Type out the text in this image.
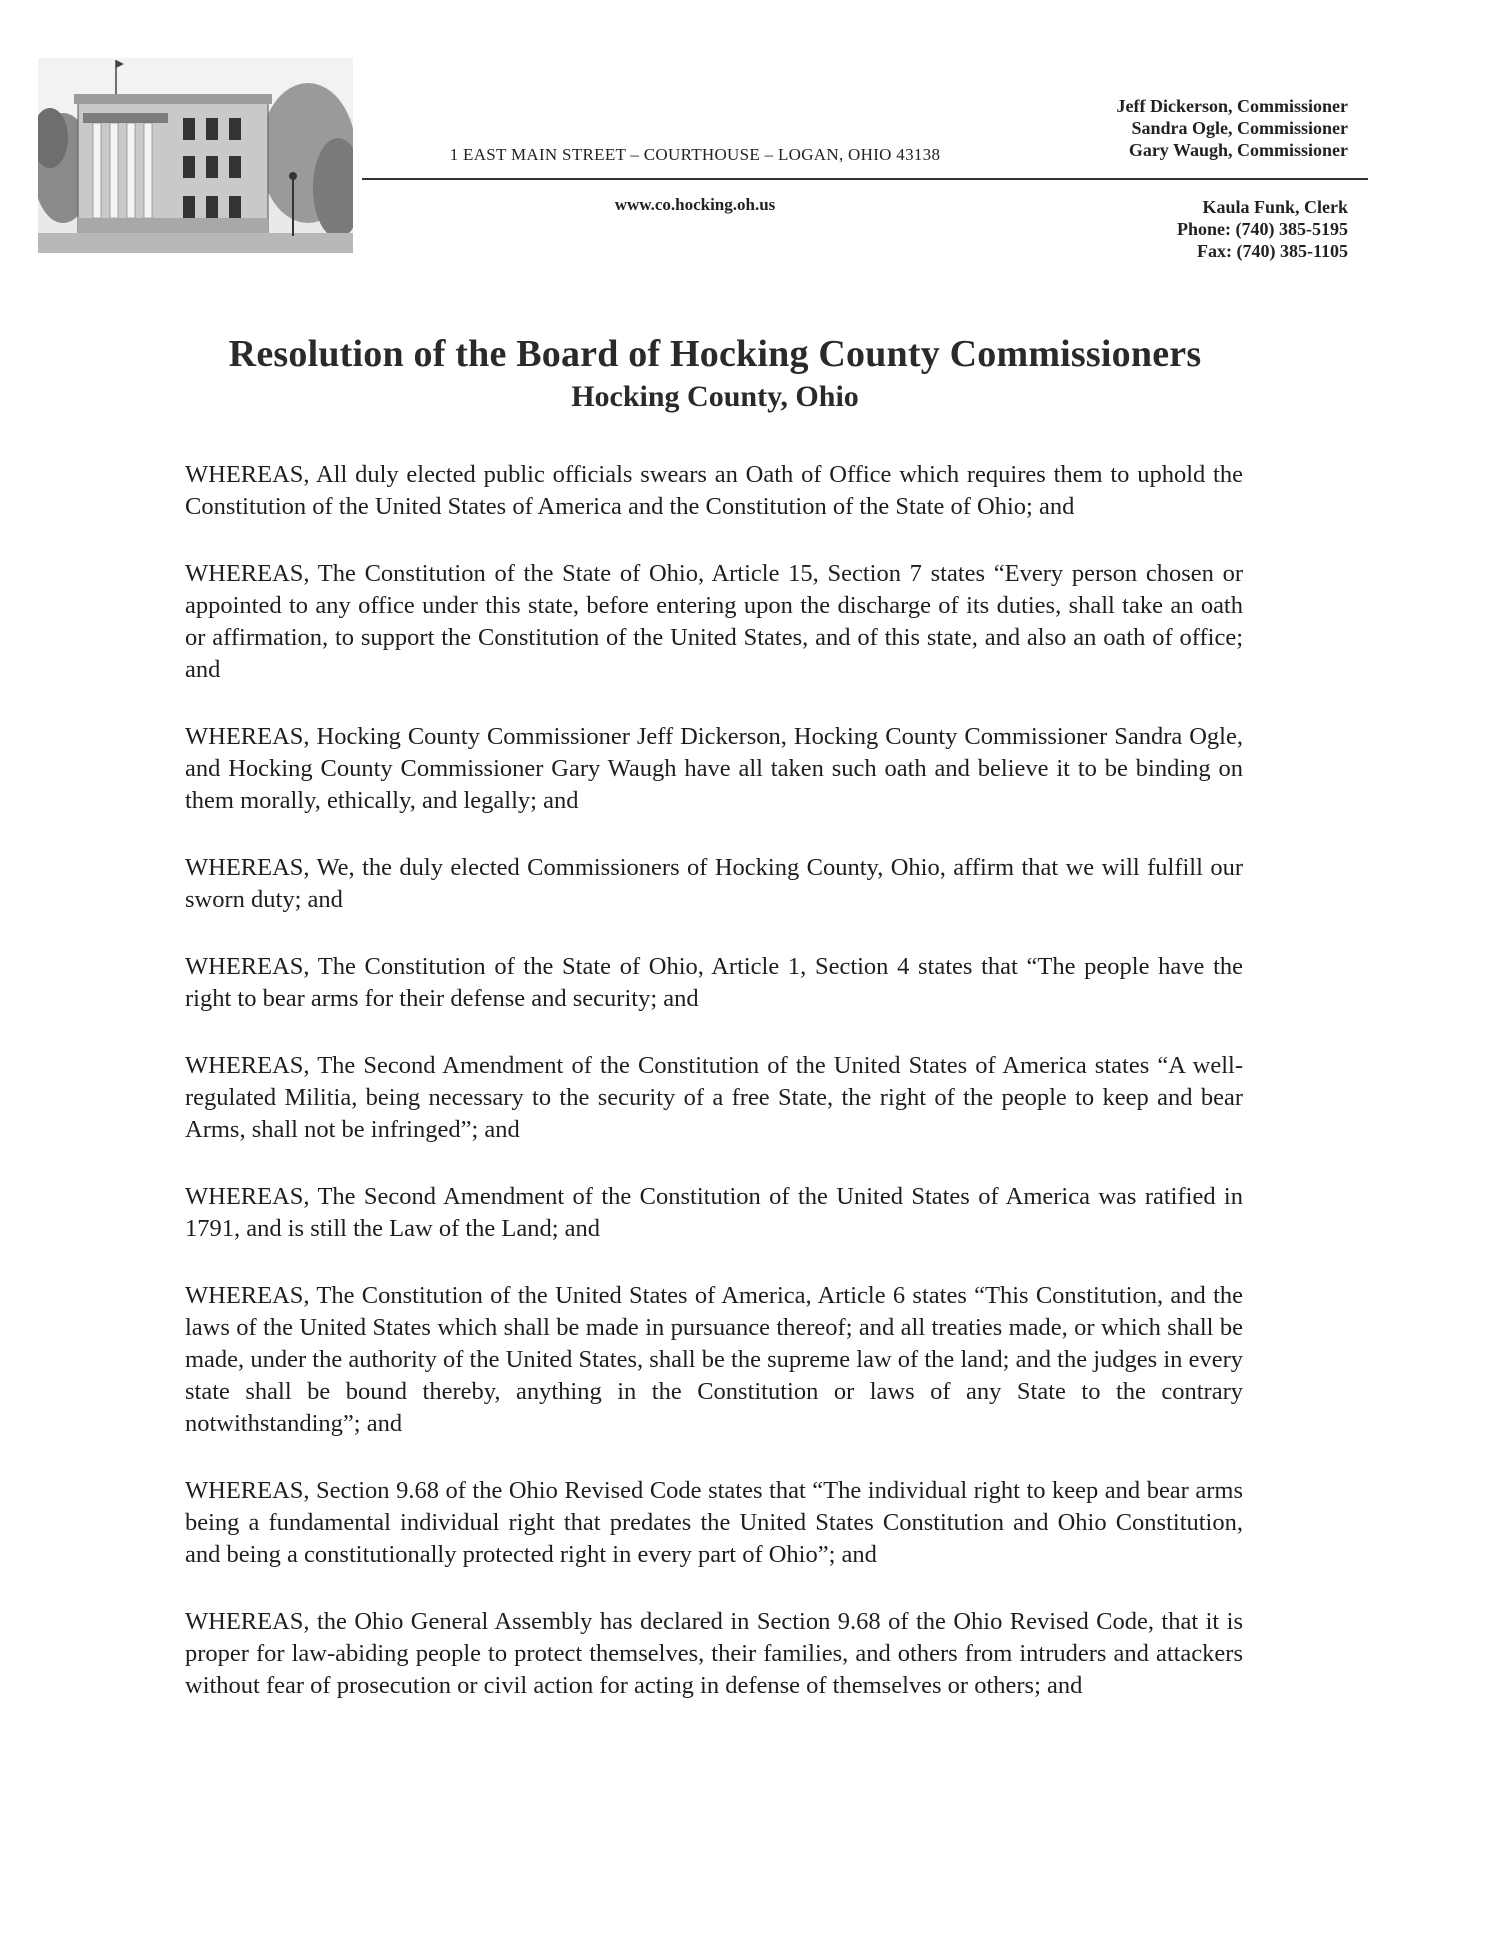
1 EAST MAIN STREET – COURTHOUSE – LOGAN, OHIO 43138
www.co.hocking.oh.us
Jeff Dickerson, Commissioner
Sandra Ogle, Commissioner
Gary Waugh, Commissioner
Kaula Funk, Clerk
Phone: (740) 385-5195
Fax: (740) 385-1105
Resolution of the Board of Hocking County Commissioners
Hocking County, Ohio

WHEREAS, All duly elected public officials swears an Oath of Office which requires them to uphold the Constitution of the United States of America and the Constitution of the State of Ohio; and

WHEREAS, The Constitution of the State of Ohio, Article 15, Section 7 states “Every person chosen or appointed to any office under this state, before entering upon the discharge of its duties, shall take an oath or affirmation, to support the Constitution of the United States, and of this state, and also an oath of office; and

WHEREAS, Hocking County Commissioner Jeff Dickerson, Hocking County Commissioner Sandra Ogle, and Hocking County Commissioner Gary Waugh have all taken such oath and believe it to be binding on them morally, ethically, and legally; and

WHEREAS, We, the duly elected Commissioners of Hocking County, Ohio, affirm that we will fulfill our sworn duty; and

WHEREAS, The Constitution of the State of Ohio, Article 1, Section 4 states that “The people have the right to bear arms for their defense and security; and

WHEREAS, The Second Amendment of the Constitution of the United States of America states “A well-regulated Militia, being necessary to the security of a free State, the right of the people to keep and bear Arms, shall not be infringed”; and

WHEREAS, The Second Amendment of the Constitution of the United States of America was ratified in 1791, and is still the Law of the Land; and

WHEREAS, The Constitution of the United States of America, Article 6 states “This Constitution, and the laws of the United States which shall be made in pursuance thereof; and all treaties made, or which shall be made, under the authority of the United States, shall be the supreme law of the land; and the judges in every state shall be bound thereby, anything in the Constitution or laws of any State to the contrary notwithstanding”; and

WHEREAS, Section 9.68 of the Ohio Revised Code states that “The individual right to keep and bear arms being a fundamental individual right that predates the United States Constitution and Ohio Constitution, and being a constitutionally protected right in every part of Ohio”; and

WHEREAS, the Ohio General Assembly has declared in Section 9.68 of the Ohio Revised Code, that it is proper for law-abiding people to protect themselves, their families, and others from intruders and attackers without fear of prosecution or civil action for acting in defense of themselves or others; and
